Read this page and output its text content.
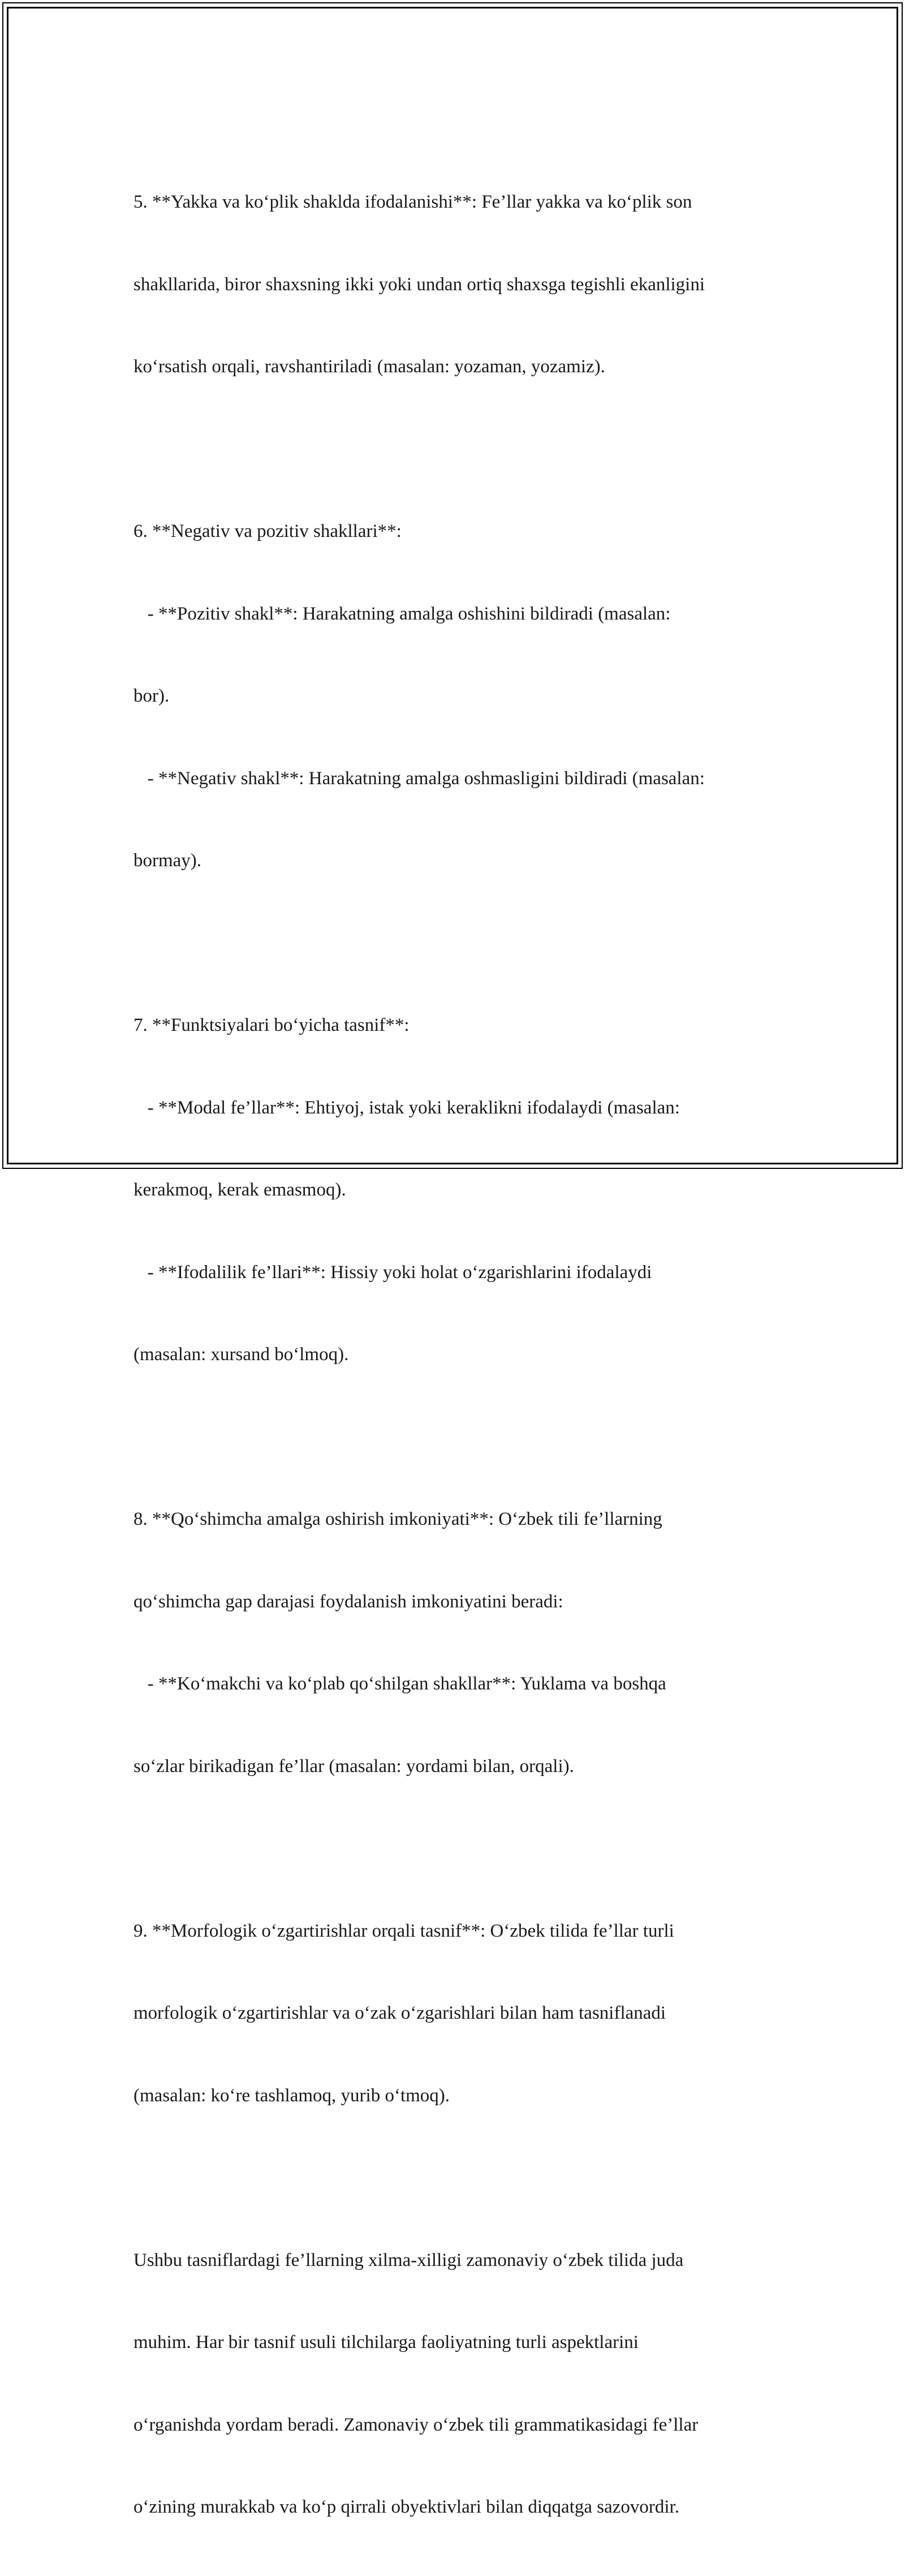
5. **Yakka va koʻplik shaklda ifodalanishi**: Fe’llar yakka va koʻplik son

shakllarida, biror shaxsning ikki yoki undan ortiq shaxsga tegishli ekanligini

koʻrsatish orqali, ravshantiriladi (masalan: yozaman, yozamiz).

6. **Negativ va pozitiv shakllari**:

- **Pozitiv shakl**: Harakatning amalga oshishini bildiradi (masalan:

bor).

- **Negativ shakl**: Harakatning amalga oshmasligini bildiradi (masalan:

bormay).

7. **Funktsiyalari boʻyicha tasnif**:

- **Modal fe’llar**: Ehtiyoj, istak yoki keraklikni ifodalaydi (masalan:

kerakmoq, kerak emasmoq).

- **Ifodalilik fe’llari**: Hissiy yoki holat oʻzgarishlarini ifodalaydi

(masalan: xursand boʻlmoq).

8. **Qoʻshimcha amalga oshirish imkoniyati**: Oʻzbek tili fe’llarning

qoʻshimcha gap darajasi foydalanish imkoniyatini beradi:

- **Koʻmakchi va koʻplab qoʻshilgan shakllar**: Yuklama va boshqa

soʻzlar birikadigan fe’llar (masalan: yordami bilan, orqali).

9. **Morfologik oʻzgartirishlar orqali tasnif**: Oʻzbek tilida fe’llar turli

morfologik oʻzgartirishlar va oʻzak oʻzgarishlari bilan ham tasniflanadi

(masalan: koʻre tashlamoq, yurib oʻtmoq).

Ushbu tasniflardagi fe’llarning xilma-xilligi zamonaviy oʻzbek tilida juda

muhim. Har bir tasnif usuli tilchilarga faoliyatning turli aspektlarini

oʻrganishda yordam beradi. Zamonaviy oʻzbek tili grammatikasidagi fe’llar

oʻzining murakkab va koʻp qirrali obyektivlari bilan diqqatga sazovordir.
